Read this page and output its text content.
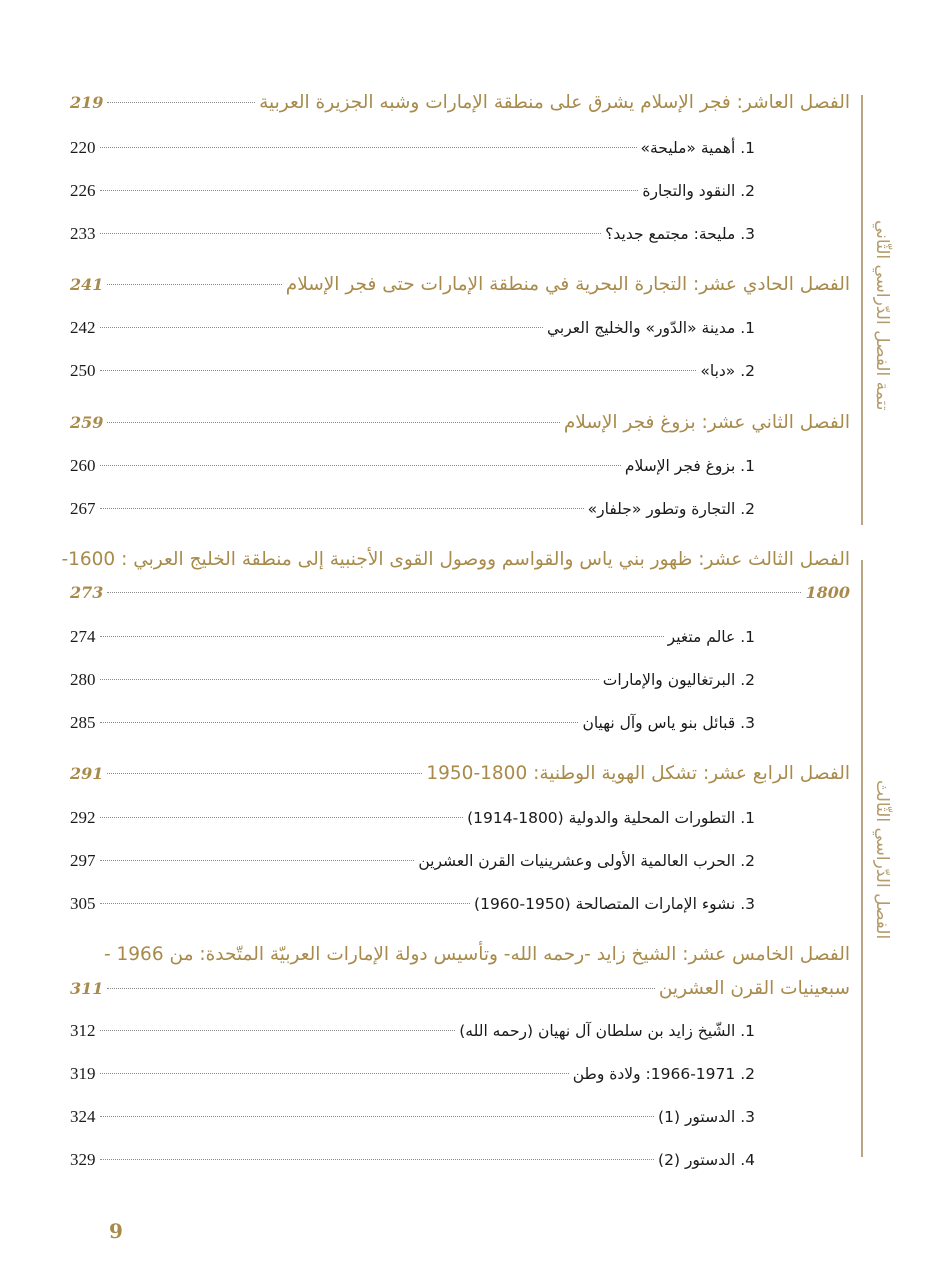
تتمة الفصل الدّراسي الثّاني
الفصل الدّراسي الثّالث
الفصل العاشر: فجر الإسلام يشرق على منطقة الإمارات وشبه الجزيرة العربية
219
1. أهمية «مليحة»
220
2. النقود والتجارة
226
3. مليحة: مجتمع جديد؟
233
الفصل الحادي عشر: التجارة البحرية في منطقة الإمارات حتى فجر الإسلام
241
1. مدينة «الدّور» والخليج العربي
242
2. «دبا»
250
الفصل الثاني عشر: بزوغ فجر الإسلام
259
1. بزوغ فجر الإسلام
260
2. التجارة وتطور «جلفار»
267
الفصل الثالث عشر: ظهور بني ياس والقواسم ووصول القوى الأجنبية إلى منطقة الخليج العربي : 1600-
1800
273
1. عالم متغير
274
2. البرتغاليون والإمارات
280
3. قبائل بنو ياس وآل نهيان
285
الفصل الرابع عشر: تشكل الهوية الوطنية: 1800-1950
291
1. التطورات المحلية والدولية (1800-1914)
292
2. الحرب العالمية الأولى وعشرينيات القرن العشرين
297
3. نشوء الإمارات المتصالحة (1950-1960)
305
الفصل الخامس عشر: الشيخ زايد -رحمه الله- وتأسيس دولة الإمارات العربيّة المتّحدة: من 1966 -
سبعينيات القرن العشرين
311
1. الشّيخ زايد بن سلطان آل نهيان (رحمه الله)
312
2. 1966-1971: ولادة وطن
319
3. الدستور (1)
324
4. الدستور (2)
329
9
